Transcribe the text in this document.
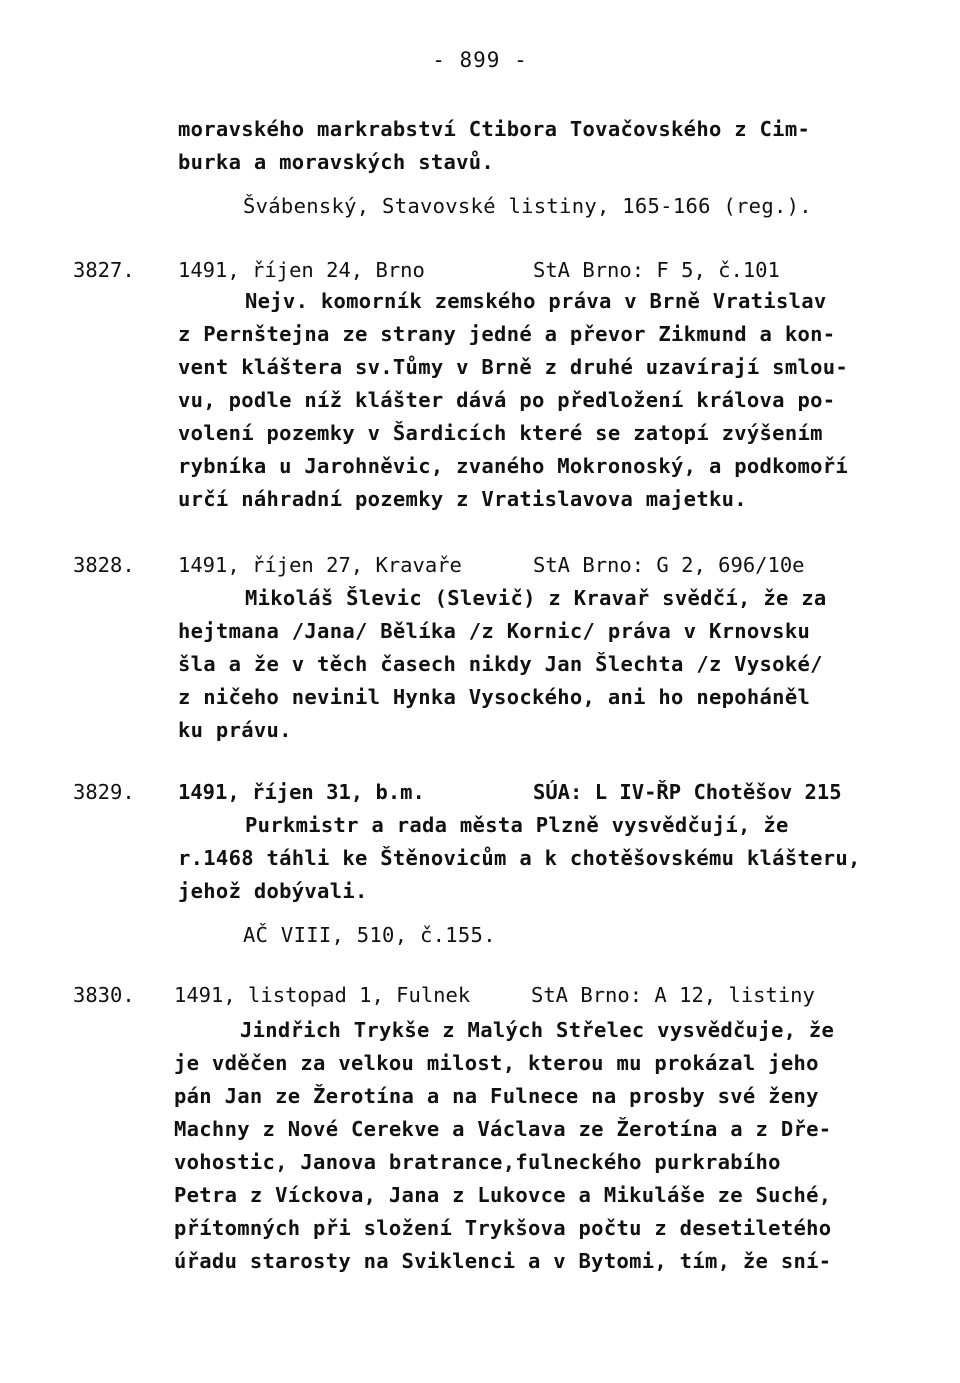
- 899 -
moravského markrabství Ctibora Tovačovského z Cim-
burka a moravských stavů.
Švábenský, Stavovské listiny, 165-166 (reg.).
3827. 1491, říjen 24, Brno	StA Brno: F 5, č.101
Nejv. komorník zemského práva v Brně Vratislav
z Pernštejna ze strany jedné a převor Zikmund a kon-
vent kláštera sv.Tůmy v Brně z druhé uzavírají smlou-
vu, podle níž klášter dává po předložení králova po-
volení pozemky v Šardicích které se zatopí zvýšením
rybníka u Jarohněvic, zvaného Mokronoský, a podkomoří
určí náhradní pozemky z Vratislavova majetku.
3828. 1491, říjen 27, Kravaře	StA Brno: G 2, 696/10e
Mikoláš Šlevic (Slevič) z Kravař svědčí, že za
hejtmana /Jana/ Bělíka /z Kornic/ práva v Krnovsku
šla a že v těch časech nikdy Jan Šlechta /z Vysoké/
z ničeho nevinil Hynka Vysockého, ani ho nepoháněl
ku právu.
3829. 1491, říjen 31, b.m.	SÚA: L IV-ŘP Chotěšov 215
Purkmistr a rada města Plzně vysvědčují, že
r.1468 táhli ke Štěnovicům a k chotěšovskému klášteru,
jehož dobývali.
AČ VIII, 510, č.155.
3830. 1491, listopad 1, Fulnek	StA Brno: A 12, listiny
Jindřich Trykše z Malých Střelec vysvědčuje, že
je vděčen za velkou milost, kterou mu prokázal jeho
pán Jan ze Žerotína a na Fulnece na prosby své ženy
Machny z Nové Cerekve a Václava ze Žerotína a z Dře-
vohostic, Janova bratrance,fulneckého purkrabího
Petra z Víckova, Jana z Lukovce a Mikuláše ze Suché,
přítomných při složení Trykšova počtu z desetiletého
úřadu starosty na Sviklenci a v Bytomi, tím, že sní-
